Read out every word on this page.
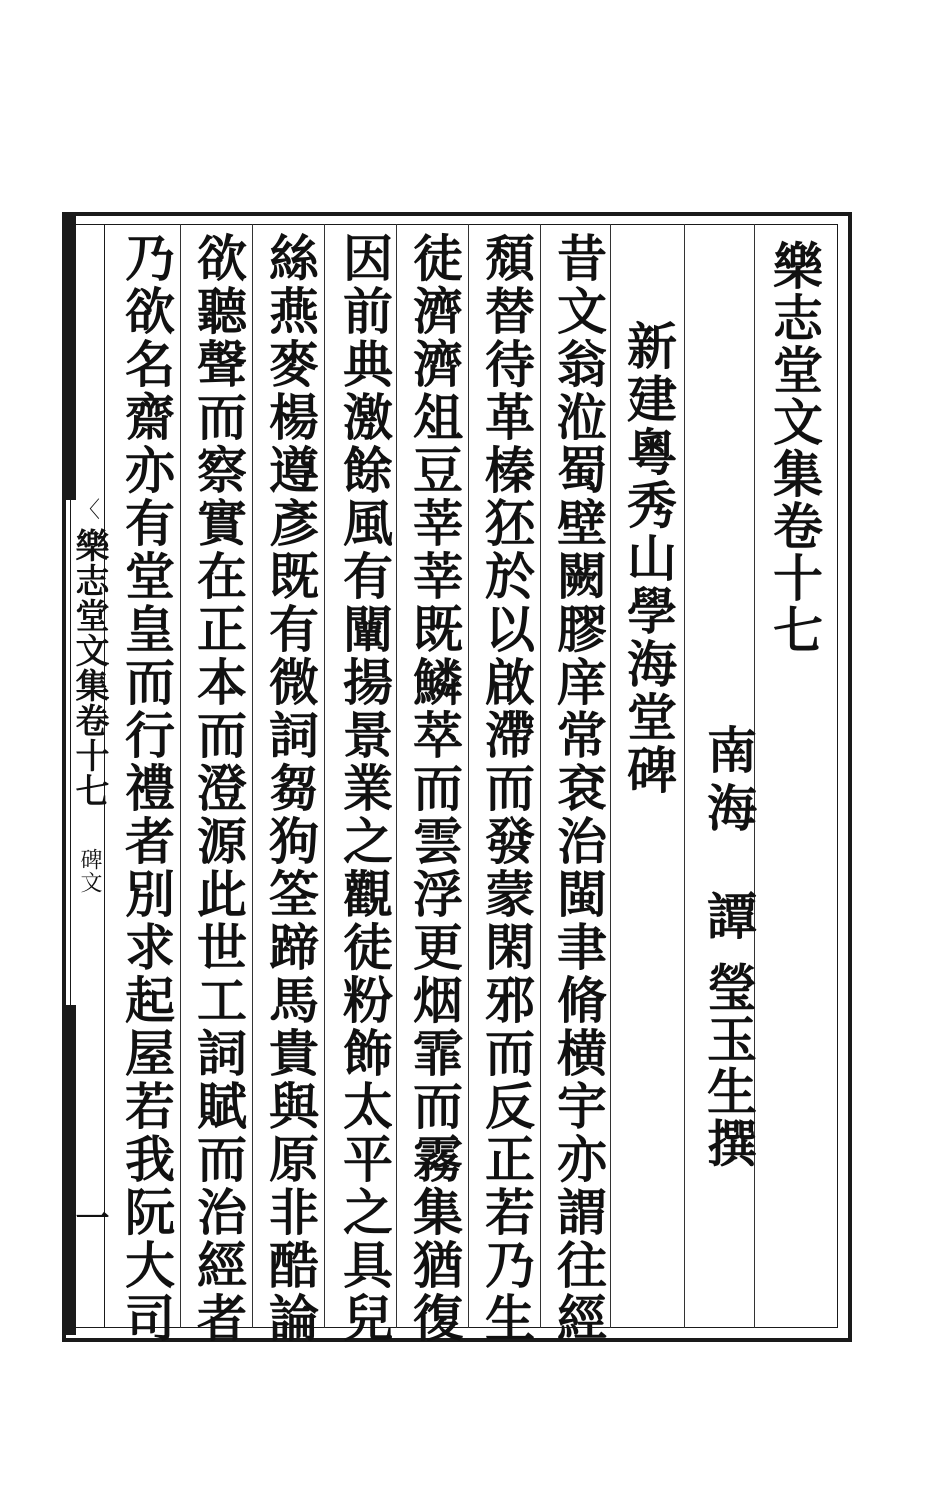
〈
樂志堂文集卷十七
碑文
一
樂志堂文集卷十七
南海
譚 瑩玉生撰
新建粵秀山學海堂碑
昔文翁涖蜀壁闕膠庠常袞治閩聿脩横宇亦謂往經
頹替待革榛狉於以啟滯而發蒙閑邪而反正若乃生
徒濟濟俎豆莘莘既鱗萃而雲浮更烟霏而霧集猶復
因前典激餘風有闡揚景業之觀徒粉飾太平之具兒
絲燕麥楊遵彥既有微詞芻狗筌蹄馬貴與原非酷論
欲聽聲而察實在正本而澄源此世工詞賦而治經者
乃欲名齋亦有堂皇而行禮者別求起屋若我阮大司
